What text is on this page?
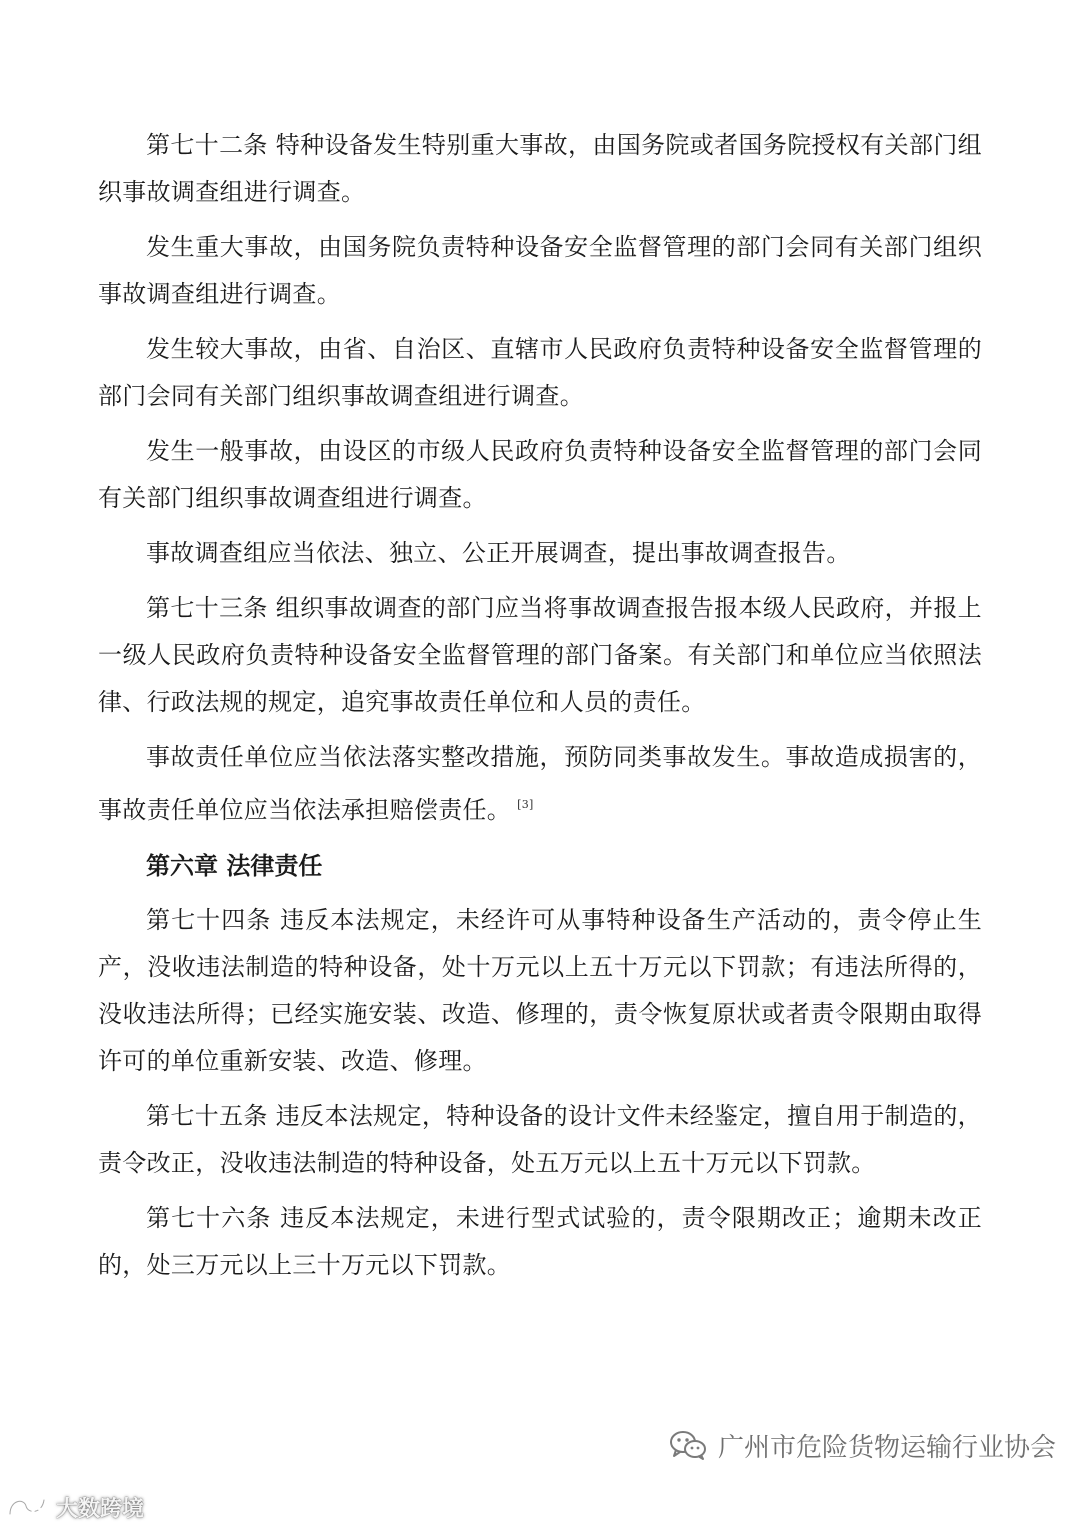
第七十二条 特种设备发生特别重大事故，由国务院或者国务院授权有关部门组织事故调查组进行调查。

发生重大事故，由国务院负责特种设备安全监督管理的部门会同有关部门组织事故调查组进行调查。

发生较大事故，由省、自治区、直辖市人民政府负责特种设备安全监督管理的部门会同有关部门组织事故调查组进行调查。

发生一般事故，由设区的市级人民政府负责特种设备安全监督管理的部门会同有关部门组织事故调查组进行调查。

事故调查组应当依法、独立、公正开展调查，提出事故调查报告。

第七十三条 组织事故调查的部门应当将事故调查报告报本级人民政府，并报上一级人民政府负责特种设备安全监督管理的部门备案。有关部门和单位应当依照法律、行政法规的规定，追究事故责任单位和人员的责任。

事故责任单位应当依法落实整改措施，预防同类事故发生。事故造成损害的，事故责任单位应当依法承担赔偿责任。 [3]

第六章 法律责任

第七十四条 违反本法规定，未经许可从事特种设备生产活动的，责令停止生产，没收违法制造的特种设备，处十万元以上五十万元以下罚款；有违法所得的，没收违法所得；已经实施安装、改造、修理的，责令恢复原状或者责令限期由取得许可的单位重新安装、改造、修理。

第七十五条 违反本法规定，特种设备的设计文件未经鉴定，擅自用于制造的，责令改正，没收违法制造的特种设备，处五万元以上五十万元以下罚款。

第七十六条 违反本法规定，未进行型式试验的，责令限期改正；逾期未改正的，处三万元以上三十万元以下罚款。

广州市危险货物运输行业协会
大数跨境
